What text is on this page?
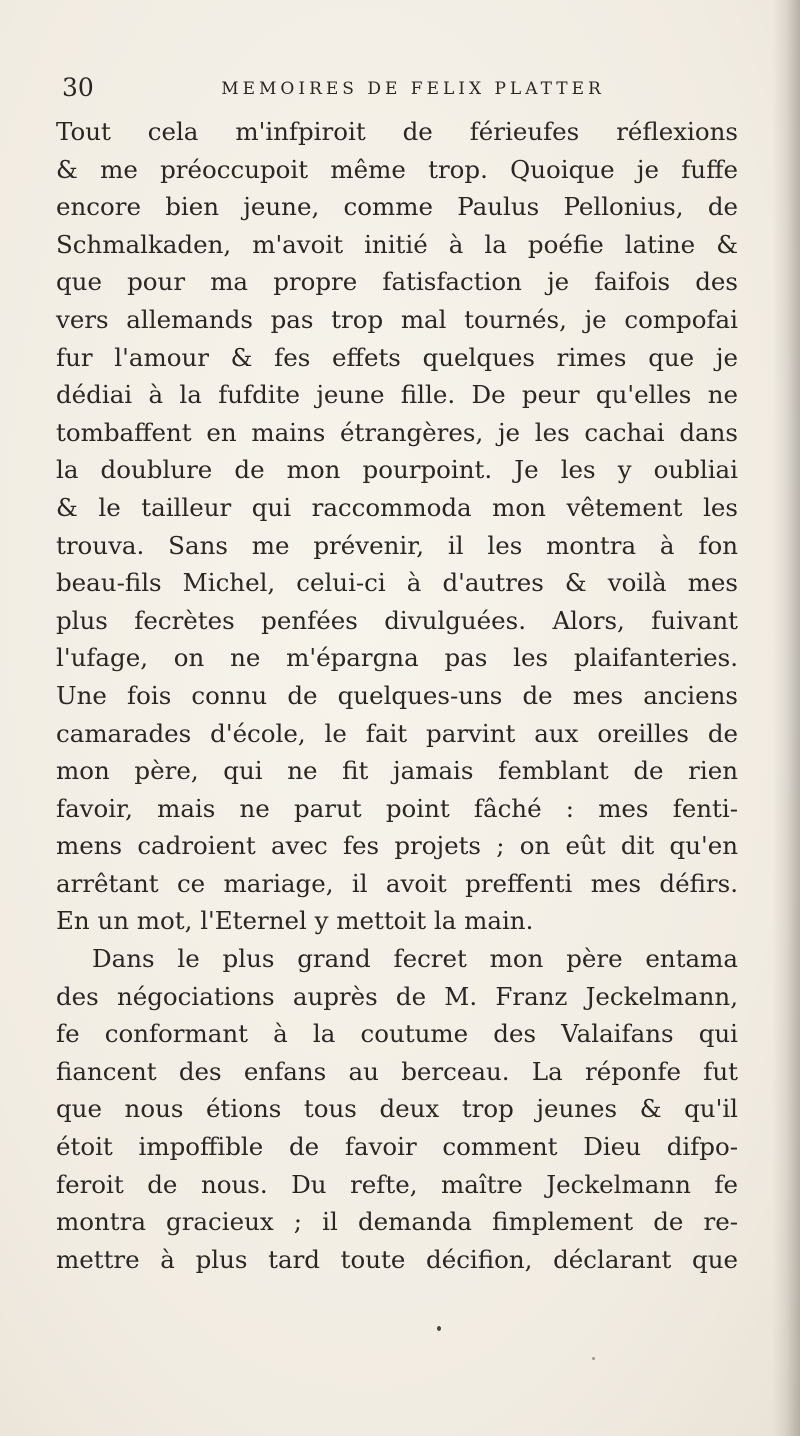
30	MEMOIRES DE FELIX PLATTER
Tout cela m'infpiroit de férieufes réflexions
& me préoccupoit même trop. Quoique je fuffe
encore bien jeune, comme Paulus Pellonius, de
Schmalkaden, m'avoit initié à la poéfie latine &
que pour ma propre fatisfaction je faifois des
vers allemands pas trop mal tournés, je compofai
fur l'amour & fes effets quelques rimes que je
dédiai à la fufdite jeune fille. De peur qu'elles ne
tombaffent en mains étrangères, je les cachai dans
la doublure de mon pourpoint. Je les y oubliai
& le tailleur qui raccommoda mon vêtement les
trouva. Sans me prévenir, il les montra à fon
beau-fils Michel, celui-ci à d'autres & voilà mes
plus fecrètes penfées divulguées. Alors, fuivant
l'ufage, on ne m'épargna pas les plaifanteries.
Une fois connu de quelques-uns de mes anciens
camarades d'école, le fait parvint aux oreilles de
mon père, qui ne fit jamais femblant de rien
favoir, mais ne parut point fâché : mes fenti-
mens cadroient avec fes projets ; on eût dit qu'en
arrêtant ce mariage, il avoit preffenti mes défirs.
En un mot, l'Eternel y mettoit la main.
Dans le plus grand fecret mon père entama
des négociations auprès de M. Franz Jeckelmann,
fe conformant à la coutume des Valaifans qui
fiancent des enfans au berceau. La réponfe fut
que nous étions tous deux trop jeunes & qu'il
étoit impoffible de favoir comment Dieu difpo-
feroit de nous. Du refte, maître Jeckelmann fe
montra gracieux ; il demanda fimplement de re-
mettre à plus tard toute décifion, déclarant que
